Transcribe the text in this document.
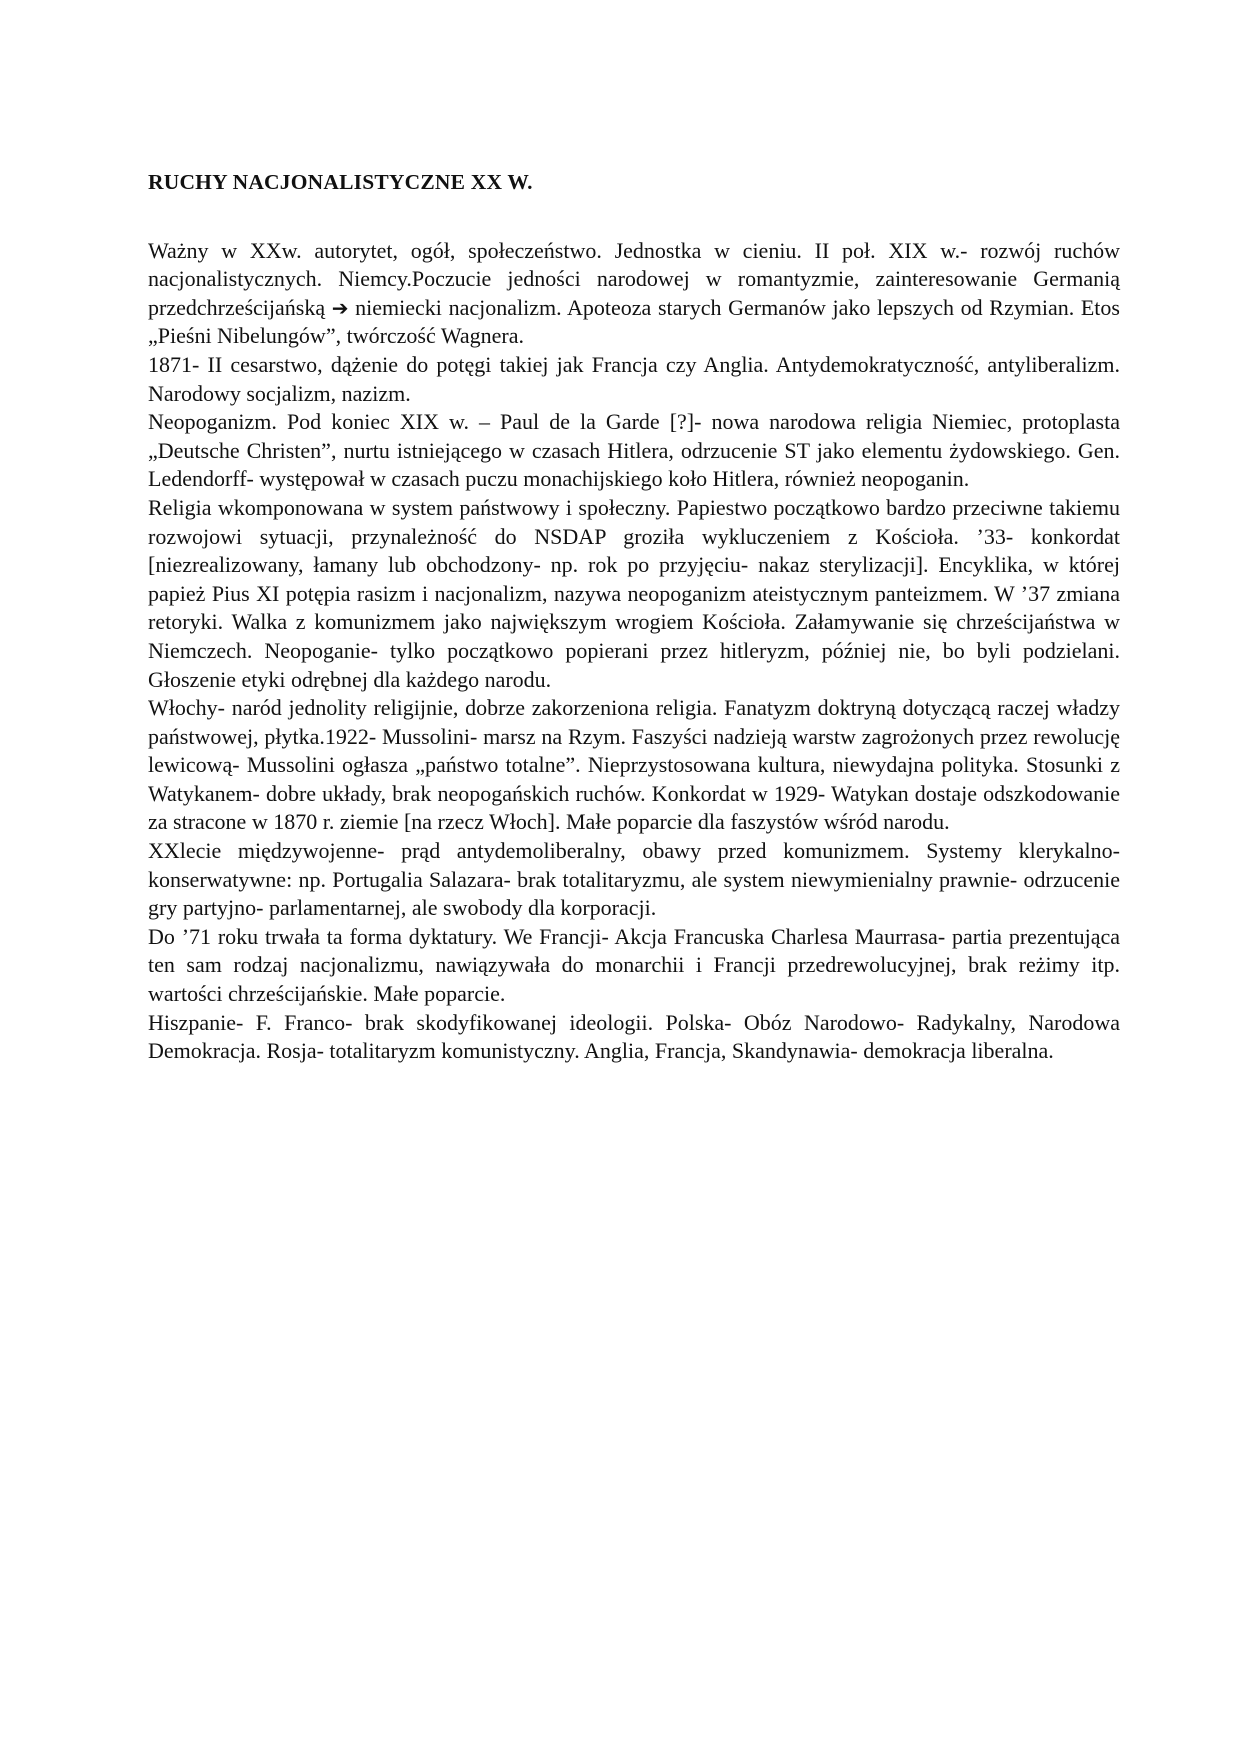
RUCHY NACJONALISTYCZNE XX W.

Ważny w XXw. autorytet, ogół, społeczeństwo. Jednostka w cieniu. II poł. XIX w.- rozwój ruchów nacjonalistycznych. Niemcy.Poczucie jedności narodowej w romantyzmie, zainteresowanie Germanią przedchrześcijańską ➔ niemiecki nacjonalizm. Apoteoza starych Germanów jako lepszych od Rzymian. Etos „Pieśni Nibelungów”, twórczość Wagnera.

1871- II cesarstwo, dążenie do potęgi takiej jak Francja czy Anglia. Antydemokratyczność, antyliberalizm. Narodowy socjalizm, nazizm.

Neopoganizm. Pod koniec XIX w. – Paul de la Garde [?]- nowa narodowa religia Niemiec, protoplasta „Deutsche Christen”, nurtu istniejącego w czasach Hitlera, odrzucenie ST jako elementu żydowskiego. Gen. Ledendorff- występował w czasach puczu monachijskiego koło Hitlera, również neopoganin.

Religia wkomponowana w system państwowy i społeczny. Papiestwo początkowo bardzo przeciwne takiemu rozwojowi sytuacji, przynależność do NSDAP groziła wykluczeniem z Kościoła. ’33- konkordat [niezrealizowany, łamany lub obchodzony- np. rok po przyjęciu- nakaz sterylizacji]. Encyklika, w której papież Pius XI potępia rasizm i nacjonalizm, nazywa neopoganizm ateistycznym panteizmem. W ’37 zmiana retoryki. Walka z komunizmem jako największym wrogiem Kościoła. Załamywanie się chrześcijaństwa w Niemczech. Neopoganie- tylko początkowo popierani przez hitleryzm, później nie, bo byli podzielani. Głoszenie etyki odrębnej dla każdego narodu.

Włochy- naród jednolity religijnie, dobrze zakorzeniona religia. Fanatyzm doktryną dotyczącą raczej władzy państwowej, płytka.1922- Mussolini- marsz na Rzym. Faszyści nadzieją warstw zagrożonych przez rewolucję lewicową- Mussolini ogłasza „państwo totalne”. Nieprzystosowana kultura, niewydajna polityka. Stosunki z Watykanem- dobre układy, brak neopogańskich ruchów. Konkordat w 1929- Watykan dostaje odszkodowanie za stracone w 1870 r. ziemie [na rzecz Włoch]. Małe poparcie dla faszystów wśród narodu.

XXlecie międzywojenne- prąd antydemoliberalny, obawy przed komunizmem. Systemy klerykalno- konserwatywne: np. Portugalia Salazara- brak totalitaryzmu, ale system niewymienialny prawnie- odrzucenie gry partyjno- parlamentarnej, ale swobody dla korporacji.

Do ’71 roku trwała ta forma dyktatury. We Francji- Akcja Francuska Charlesa Maurrasa- partia prezentująca ten sam rodzaj nacjonalizmu, nawiązywała do monarchii i Francji przedrewolucyjnej, brak reżimy itp. wartości chrześcijańskie. Małe poparcie.

Hiszpanie- F. Franco- brak skodyfikowanej ideologii. Polska- Obóz Narodowo- Radykalny, Narodowa Demokracja. Rosja- totalitaryzm komunistyczny. Anglia, Francja, Skandynawia- demokracja liberalna.
